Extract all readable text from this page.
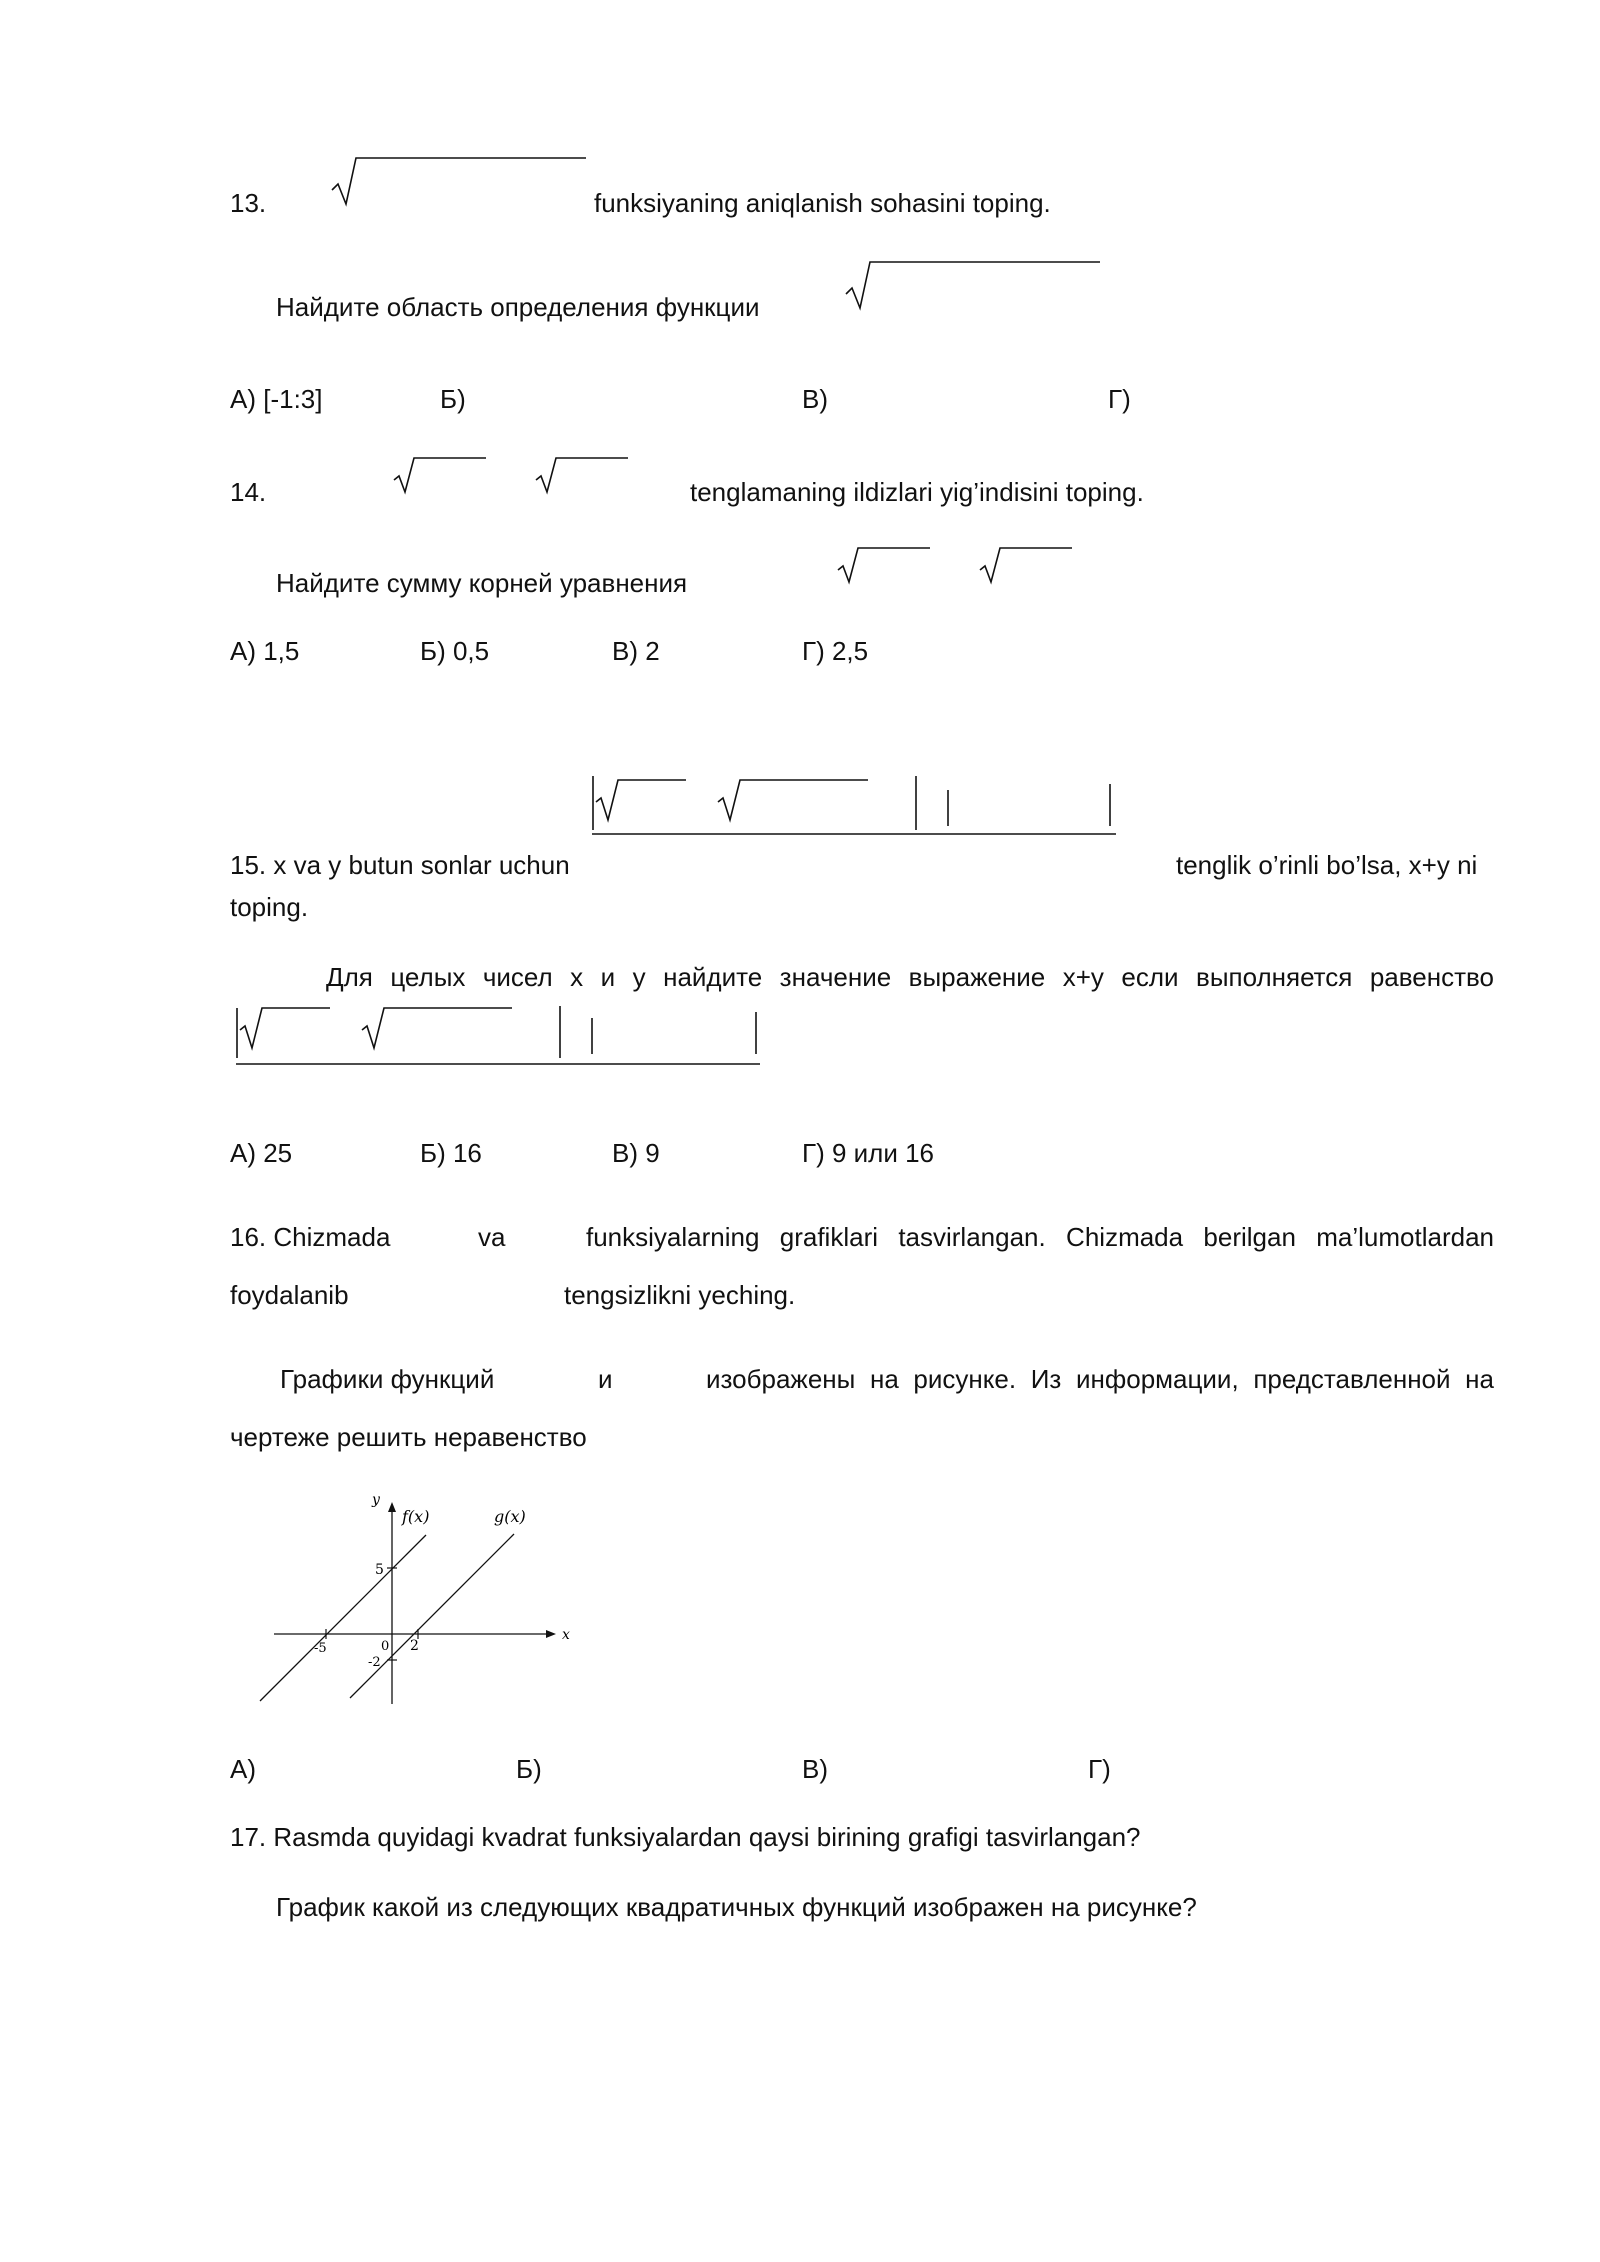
13.	funksiyaning aniqlanish sohasini toping.
Найдите область определения функции
А) [-1:3]	Б)	В)	Г)
14.	tenglamaning ildizlari yig’indisini toping.
Найдите сумму корней уравнения
А) 1,5	Б) 0,5	В) 2	Г) 2,5
15. x va y butun sonlar uchun	tenglik o’rinli bo’lsa, x+y ni
toping.
Для целых чисел х и у найдите значение выражение х+у если выполняется равенство
А) 25	Б) 16	В) 9	Г) 9 или 16
16. Chizmada	va	funksiyalarning grafiklari tasvirlangan. Chizmada berilgan ma’lumotlardan
foydalanib	tengsizlikni yeching.
Графики функций	и	изображены на рисунке. Из информации, представленной на
чертеже решить неравенство
y
x
f(x)	g(x)
5
-5	0 2
-2
А)	Б)	В)	Г)
17. Rasmda quyidagi kvadrat funksiyalardan qaysi birining grafigi tasvirlangan?
График какой из следующих квадратичных функций изображен на рисунке?
